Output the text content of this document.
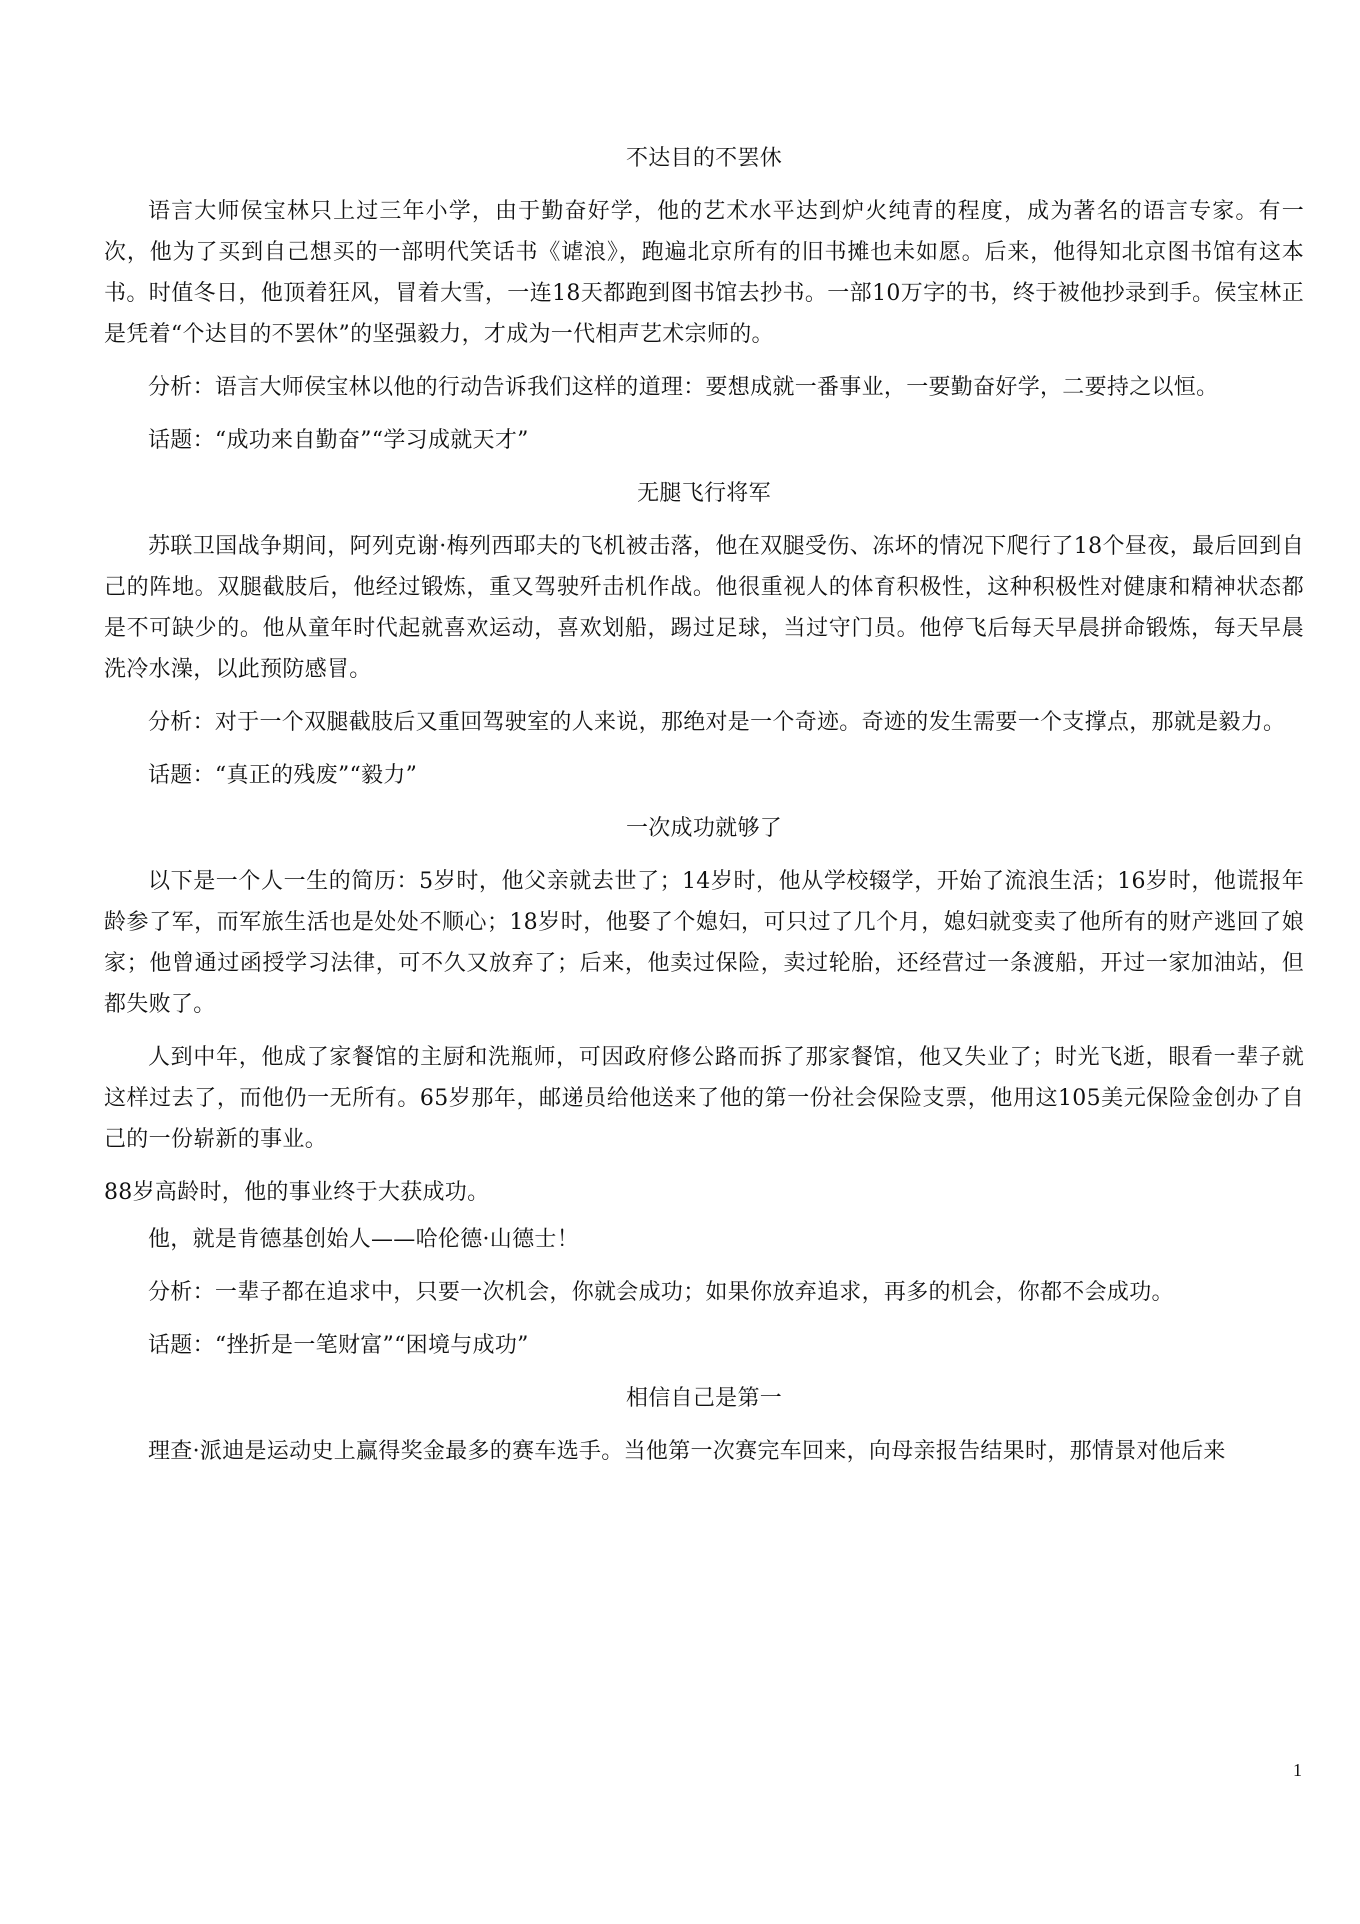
不达目的不罢休

语言大师侯宝林只上过三年小学，由于勤奋好学，他的艺术水平达到炉火纯青的程度，成为著名的语言专家。有一次，他为了买到自己想买的一部明代笑话书《谑浪》，跑遍北京所有的旧书摊也未如愿。后来，他得知北京图书馆有这本书。时值冬日，他顶着狂风，冒着大雪，一连18天都跑到图书馆去抄书。一部10万字的书，终于被他抄录到手。侯宝林正是凭着“个达目的不罢休”的坚强毅力，才成为一代相声艺术宗师的。

分析：语言大师侯宝林以他的行动告诉我们这样的道理：要想成就一番事业，一要勤奋好学，二要持之以恒。

话题：“成功来自勤奋”“学习成就天才”

无腿飞行将军

苏联卫国战争期间，阿列克谢·梅列西耶夫的飞机被击落，他在双腿受伤、冻坏的情况下爬行了18个昼夜，最后回到自己的阵地。双腿截肢后，他经过锻炼，重又驾驶歼击机作战。他很重视人的体育积极性，这种积极性对健康和精神状态都是不可缺少的。他从童年时代起就喜欢运动，喜欢划船，踢过足球，当过守门员。他停飞后每天早晨拼命锻炼，每天早晨洗冷水澡，以此预防感冒。

分析：对于一个双腿截肢后又重回驾驶室的人来说，那绝对是一个奇迹。奇迹的发生需要一个支撑点，那就是毅力。

话题：“真正的残废”“毅力”

一次成功就够了

以下是一个人一生的简历：5岁时，他父亲就去世了；14岁时，他从学校辍学，开始了流浪生活；16岁时，他谎报年龄参了军，而军旅生活也是处处不顺心；18岁时，他娶了个媳妇，可只过了几个月，媳妇就变卖了他所有的财产逃回了娘家；他曾通过函授学习法律，可不久又放弃了；后来，他卖过保险，卖过轮胎，还经营过一条渡船，开过一家加油站，但都失败了。

人到中年，他成了家餐馆的主厨和洗瓶师，可因政府修公路而拆了那家餐馆，他又失业了；时光飞逝，眼看一辈子就这样过去了，而他仍一无所有。65岁那年，邮递员给他送来了他的第一份社会保险支票，他用这105美元保险金创办了自己的一份崭新的事业。

88岁高龄时，他的事业终于大获成功。

他，就是肯德基创始人——哈伦德·山德士！

分析：一辈子都在追求中，只要一次机会，你就会成功；如果你放弃追求，再多的机会，你都不会成功。

话题：“挫折是一笔财富”“困境与成功”

相信自己是第一

理查·派迪是运动史上赢得奖金最多的赛车选手。当他第一次赛完车回来，向母亲报告结果时，那情景对他后来

1
